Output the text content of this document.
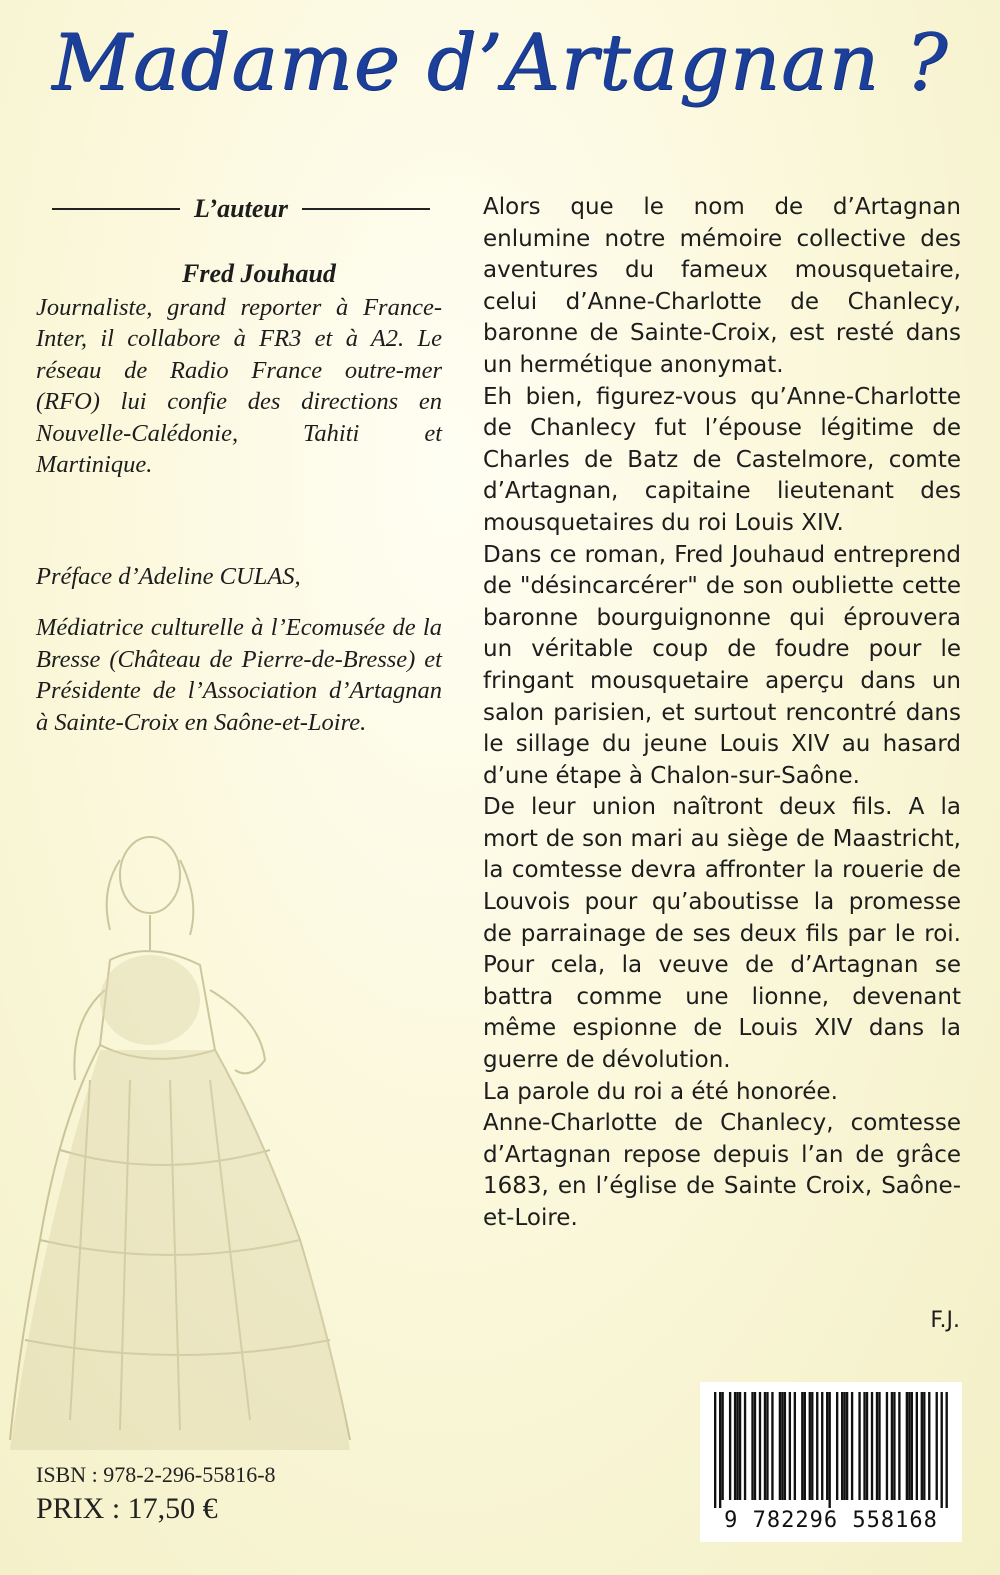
Madame d’Artagnan ?
L’auteur
Fred Jouhaud
Journaliste, grand reporter à France-Inter, il collabore à FR3 et à A2. Le réseau de Radio France outre-mer (RFO) lui confie des directions en Nouvelle-Calédonie, Tahiti et Martinique.
Préface d’Adeline CULAS,
Médiatrice culturelle à l’Ecomusée de la Bresse (Château de Pierre-de-Bresse) et Présidente de l’Association d’Artagnan à Sainte-Croix en Saône-et-Loire.

Alors que le nom de d’Artagnan enlumine notre mémoire collective des aventures du fameux mousquetaire, celui d’Anne-Charlotte de Chanlecy, baronne de Sainte-Croix, est resté dans un hermétique anonymat.

Eh bien, figurez-vous qu’Anne-Charlotte de Chanlecy fut l’épouse légitime de Charles de Batz de Castelmore, comte d’Artagnan, capitaine lieutenant des mousquetaires du roi Louis XIV.

Dans ce roman, Fred Jouhaud entreprend de "désincarcérer" de son oubliette cette baronne bourguignonne qui éprouvera un véritable coup de foudre pour le fringant mousquetaire aperçu dans un salon parisien, et surtout rencontré dans le sillage du jeune Louis XIV au hasard d’une étape à Chalon-sur-Saône.

De leur union naîtront deux fils. A la mort de son mari au siège de Maastricht, la comtesse devra affronter la rouerie de Louvois pour qu’aboutisse la promesse de parrainage de ses deux fils par le roi. Pour cela, la veuve de d’Artagnan se battra comme une lionne, devenant même espionne de Louis XIV dans la guerre de dévolution.

La parole du roi a été honorée.

Anne-Charlotte de Chanlecy, comtesse d’Artagnan repose depuis l’an de grâce 1683, en l’église de Sainte Croix, Saône-et-Loire.

F.J.
ISBN : 978-2-296-55816-8
PRIX : 17,50 €	9 782296 558168
